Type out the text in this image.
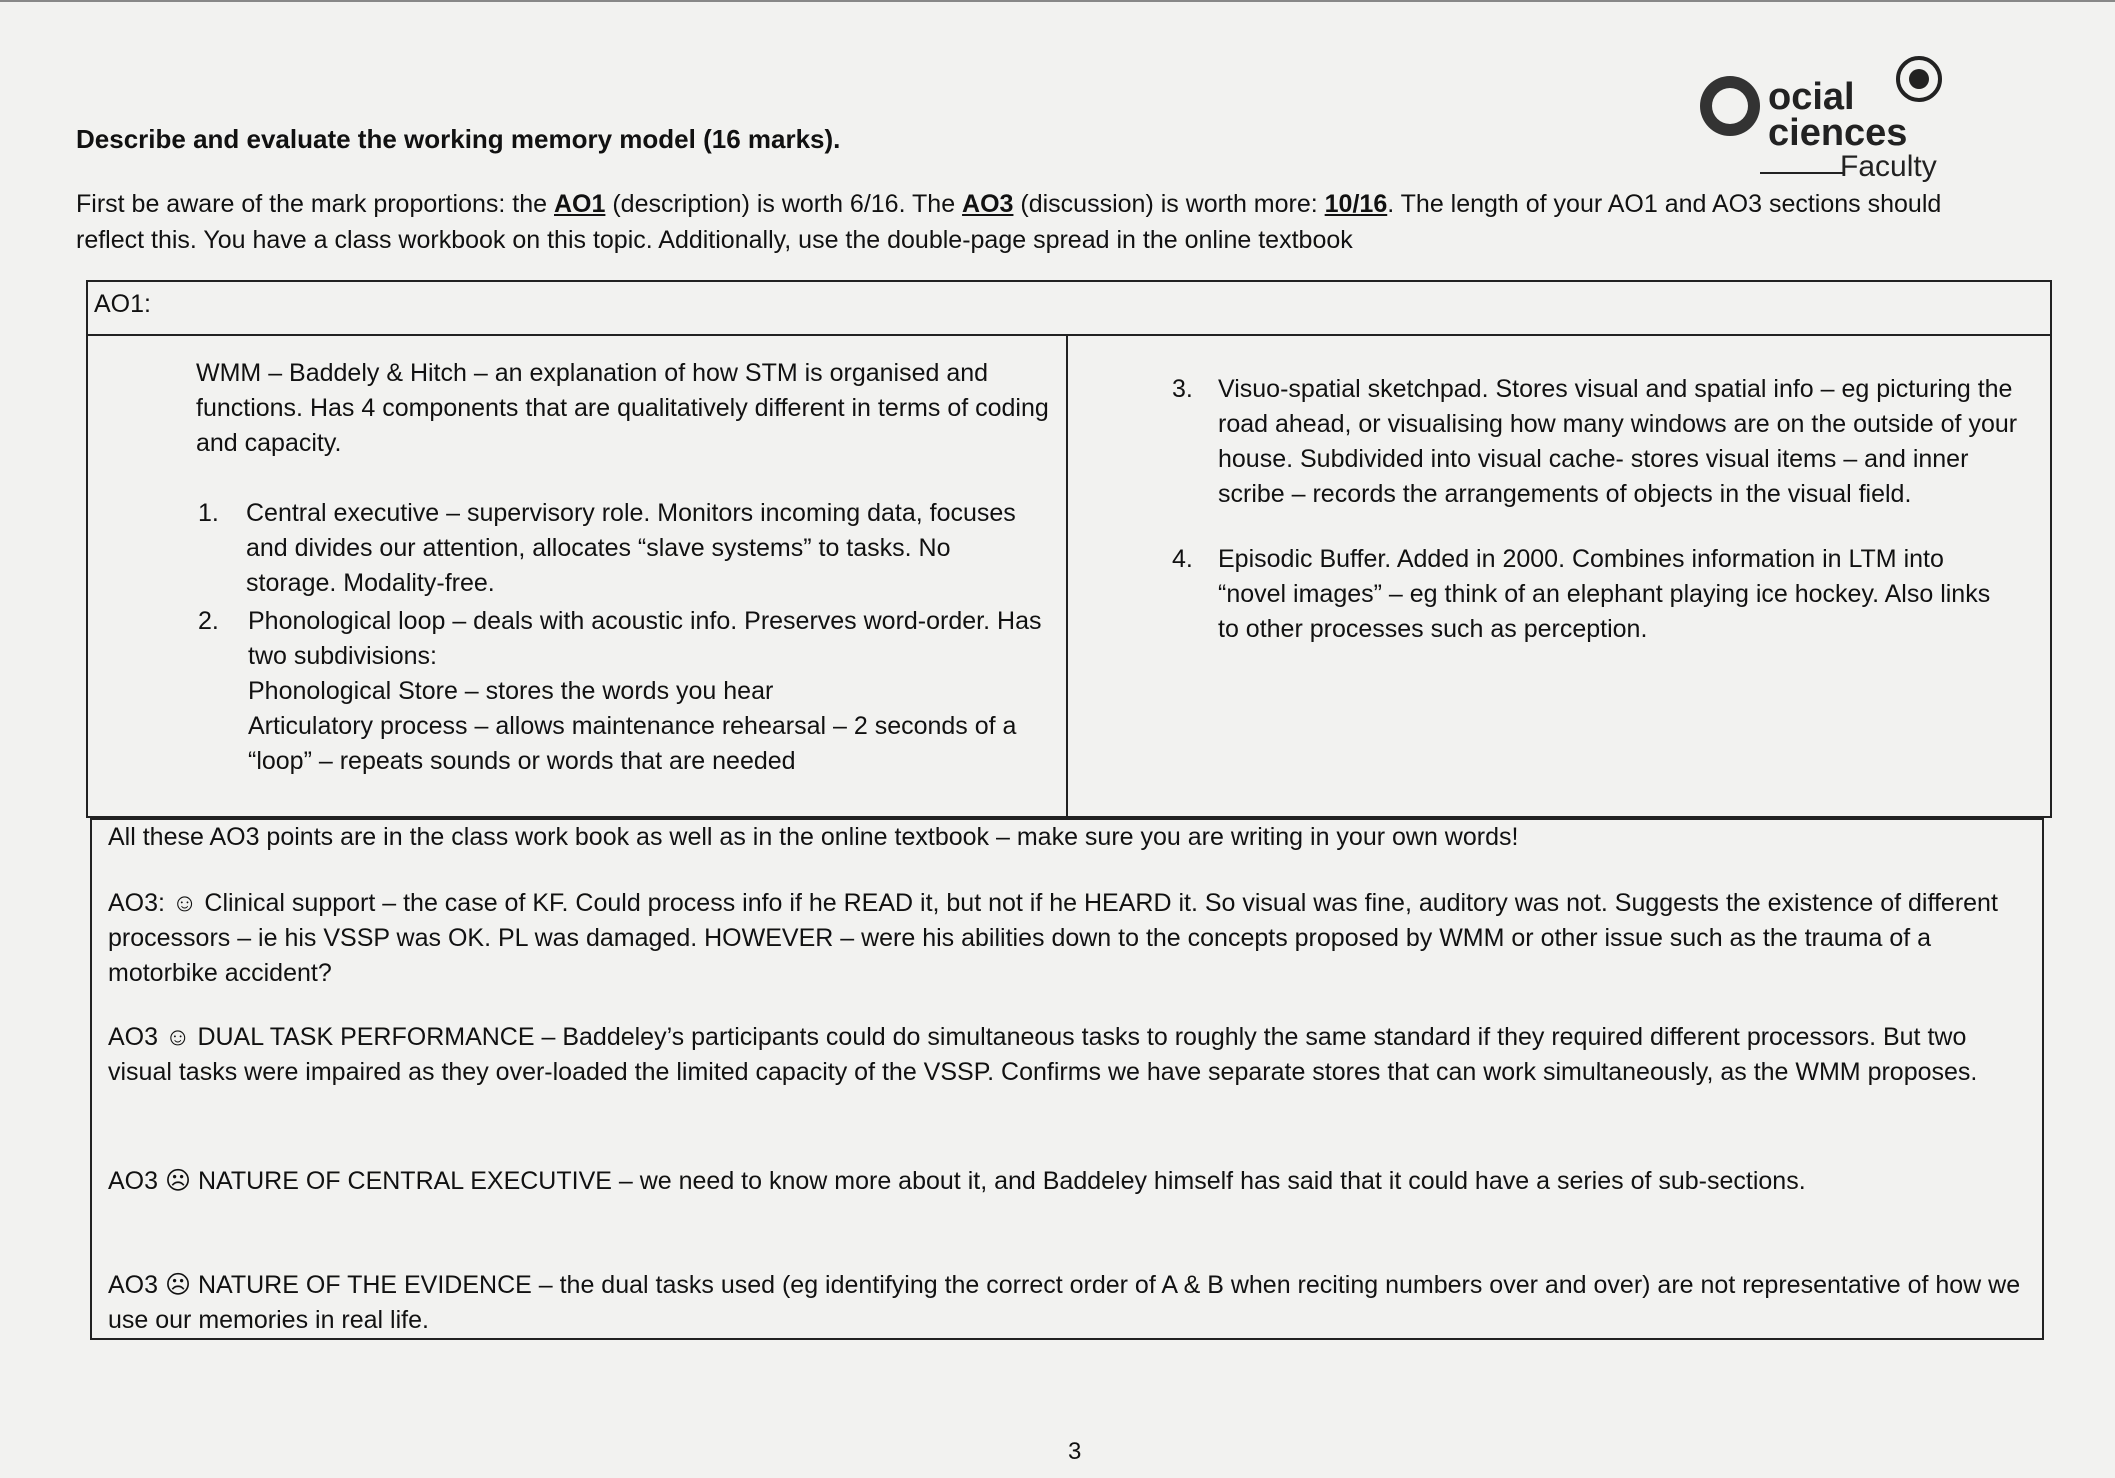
ocial
ciences
Faculty
Describe and evaluate the working memory model (16 marks).
First be aware of the mark proportions: the AO1 (description) is worth 6/16. The AO3 (discussion) is worth more: 10/16. The length of your AO1 and AO3 sections should reflect this. You have a class workbook on this topic. Additionally, use the double-page spread in the online textbook
AO1:
WMM – Baddely & Hitch – an explanation of how STM is organised and functions. Has 4 components that are qualitatively different in terms of coding and capacity.
1. Central executive – supervisory role. Monitors incoming data, focuses and divides our attention, allocates “slave systems” to tasks. No storage. Modality-free.
2. Phonological loop – deals with acoustic info. Preserves word-order. Has two subdivisions:
Phonological Store – stores the words you hear
Articulatory process – allows maintenance rehearsal – 2 seconds of a “loop” – repeats sounds or words that are needed
3. Visuo-spatial sketchpad. Stores visual and spatial info – eg picturing the road ahead, or visualising how many windows are on the outside of your house. Subdivided into visual cache- stores visual items – and inner scribe – records the arrangements of objects in the visual field.
4. Episodic Buffer. Added in 2000. Combines information in LTM into “novel images” – eg think of an elephant playing ice hockey. Also links to other processes such as perception.
All these AO3 points are in the class work book as well as in the online textbook – make sure you are writing in your own words!
AO3: ☺ Clinical support – the case of KF. Could process info if he READ it, but not if he HEARD it. So visual was fine, auditory was not. Suggests the existence of different processors – ie his VSSP was OK. PL was damaged. HOWEVER – were his abilities down to the concepts proposed by WMM or other issue such as the trauma of a motorbike accident?
AO3 ☺ DUAL TASK PERFORMANCE – Baddeley’s participants could do simultaneous tasks to roughly the same standard if they required different processors. But two visual tasks were impaired as they over-loaded the limited capacity of the VSSP. Confirms we have separate stores that can work simultaneously, as the WMM proposes.
AO3 ☹ NATURE OF CENTRAL EXECUTIVE – we need to know more about it, and Baddeley himself has said that it could have a series of sub-sections.
AO3 ☹ NATURE OF THE EVIDENCE – the dual tasks used (eg identifying the correct order of A & B when reciting numbers over and over) are not representative of how we use our memories in real life.
3
